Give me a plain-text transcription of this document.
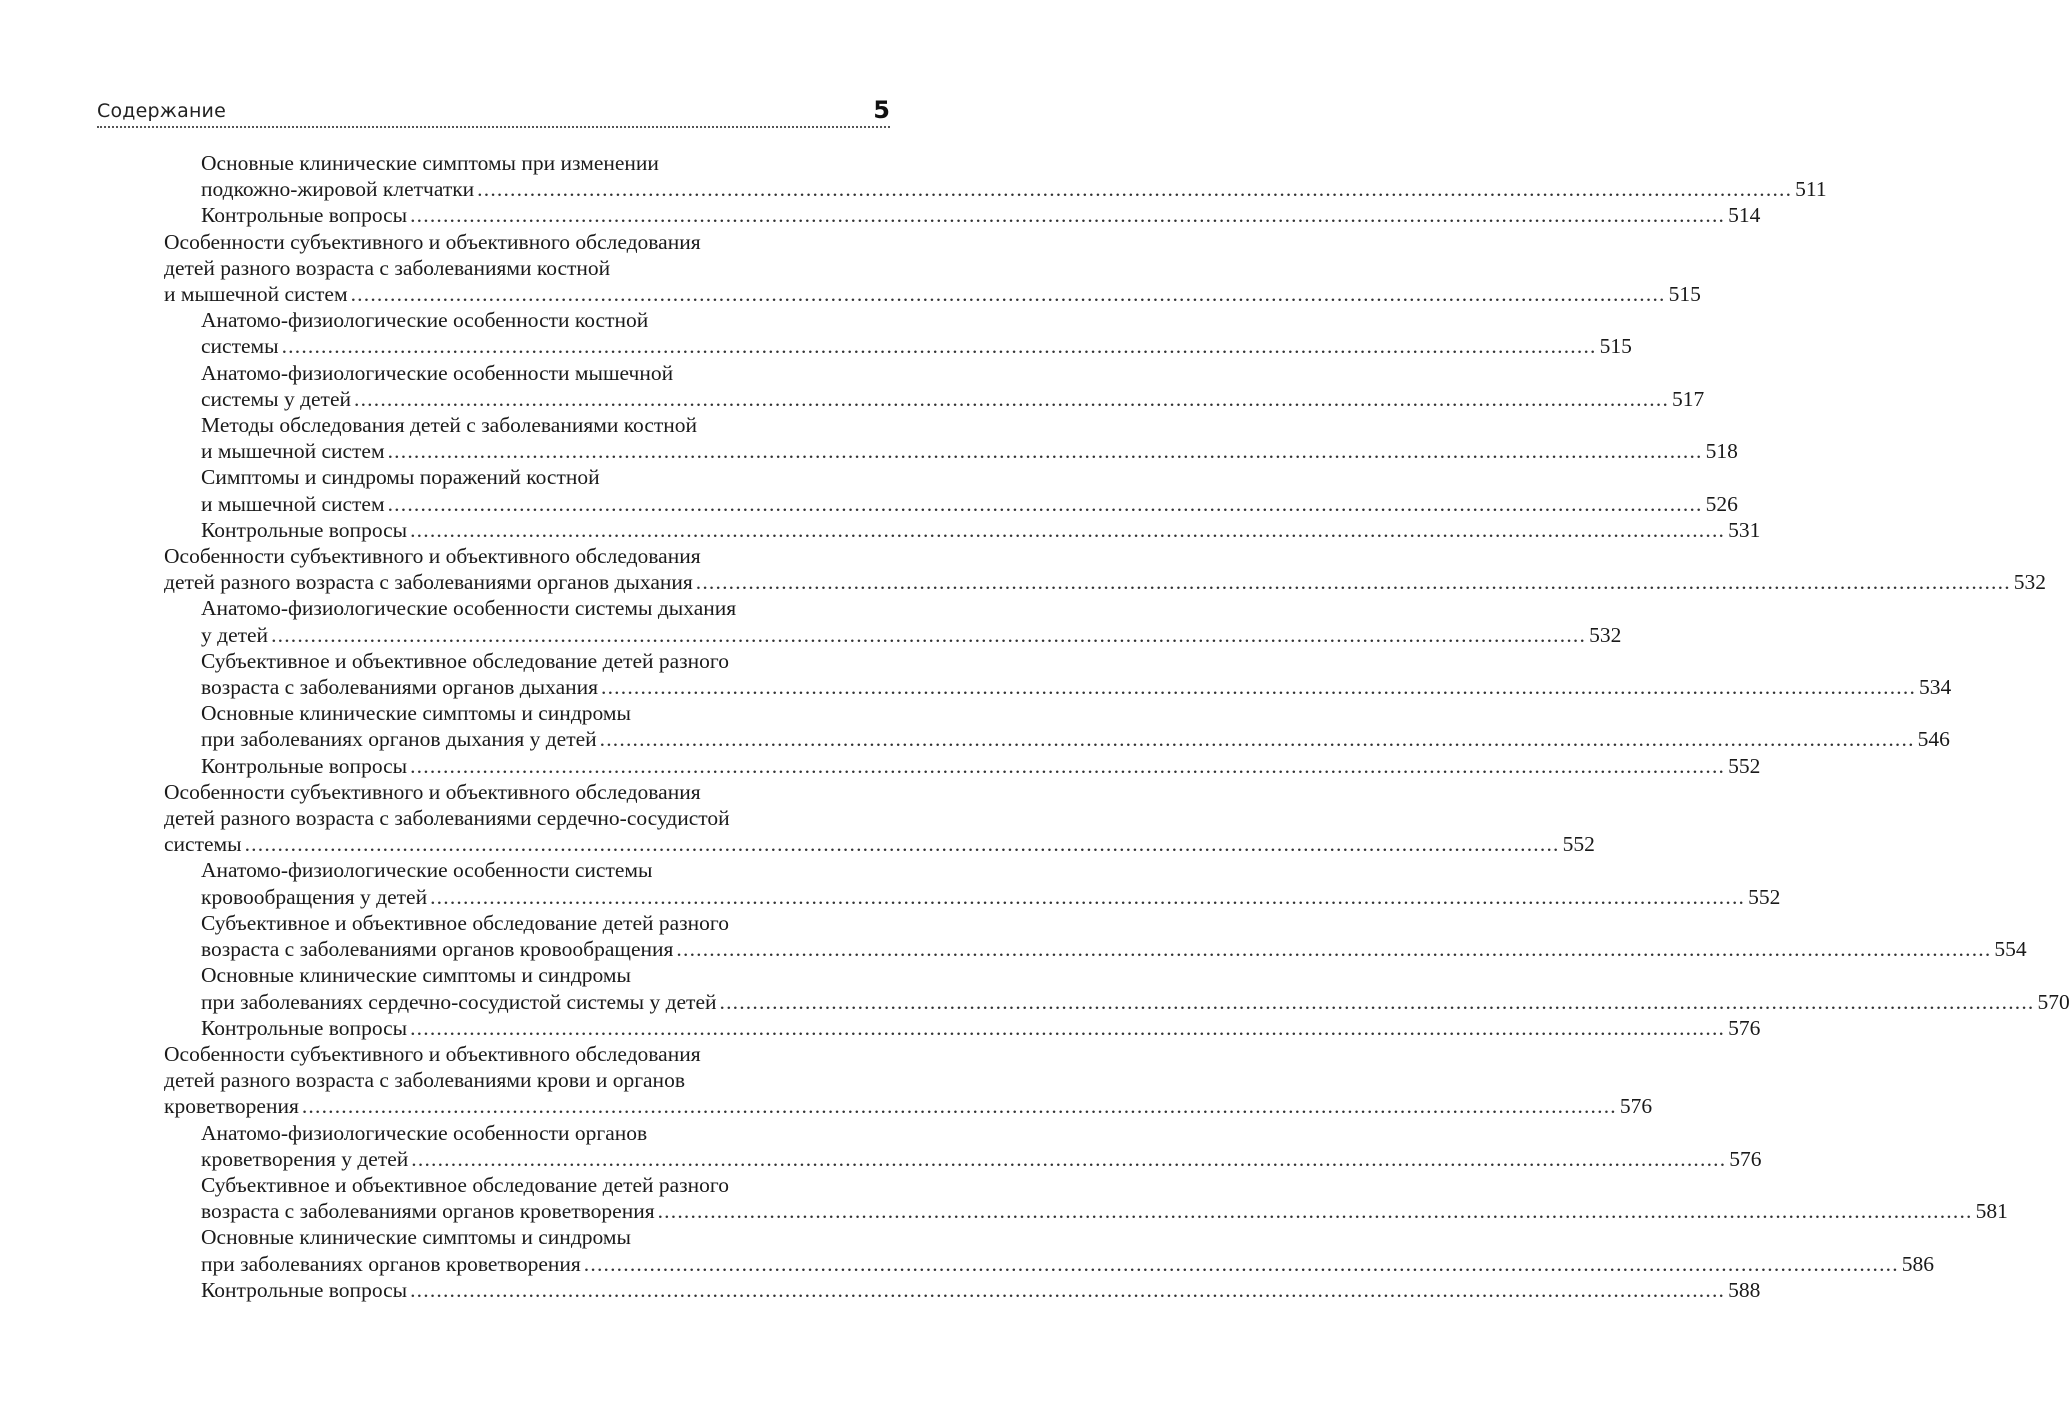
Содержание	5
Основные клинические симптомы при изменении
подкожно-жировой клетчатки ........................................................................................................................................................................................................ 511
Контрольные вопросы ........................................................................................................................................................................................................ 514
Особенности субъективного и объективного обследования
детей разного возраста с заболеваниями костной
и мышечной систем ........................................................................................................................................................................................................ 515
Анатомо-физиологические особенности костной
системы ........................................................................................................................................................................................................ 515
Анатомо-физиологические особенности мышечной
системы у детей ........................................................................................................................................................................................................ 517
Методы обследования детей с заболеваниями костной
и мышечной систем ........................................................................................................................................................................................................ 518
Симптомы и синдромы поражений костной
и мышечной систем ........................................................................................................................................................................................................ 526
Контрольные вопросы ........................................................................................................................................................................................................ 531
Особенности субъективного и объективного обследования
детей разного возраста с заболеваниями органов дыхания ........................................................................................................................................................................................................ 532
Анатомо-физиологические особенности системы дыхания
у детей ........................................................................................................................................................................................................ 532
Субъективное и объективное обследование детей разного
возраста с заболеваниями органов дыхания ........................................................................................................................................................................................................ 534
Основные клинические симптомы и синдромы
при заболеваниях органов дыхания у детей ........................................................................................................................................................................................................ 546
Контрольные вопросы ........................................................................................................................................................................................................ 552
Особенности субъективного и объективного обследования
детей разного возраста с заболеваниями сердечно-сосудистой
системы ........................................................................................................................................................................................................ 552
Анатомо-физиологические особенности системы
кровообращения у детей ........................................................................................................................................................................................................ 552
Субъективное и объективное обследование детей разного
возраста с заболеваниями органов кровообращения ........................................................................................................................................................................................................ 554
Основные клинические симптомы и синдромы
при заболеваниях сердечно-сосудистой системы у детей ........................................................................................................................................................................................................ 570
Контрольные вопросы ........................................................................................................................................................................................................ 576
Особенности субъективного и объективного обследования
детей разного возраста с заболеваниями крови и органов
кроветворения ........................................................................................................................................................................................................ 576
Анатомо-физиологические особенности органов
кроветворения у детей ........................................................................................................................................................................................................ 576
Субъективное и объективное обследование детей разного
возраста с заболеваниями органов кроветворения ........................................................................................................................................................................................................ 581
Основные клинические симптомы и синдромы
при заболеваниях органов кроветворения ........................................................................................................................................................................................................ 586
Контрольные вопросы ........................................................................................................................................................................................................ 588
